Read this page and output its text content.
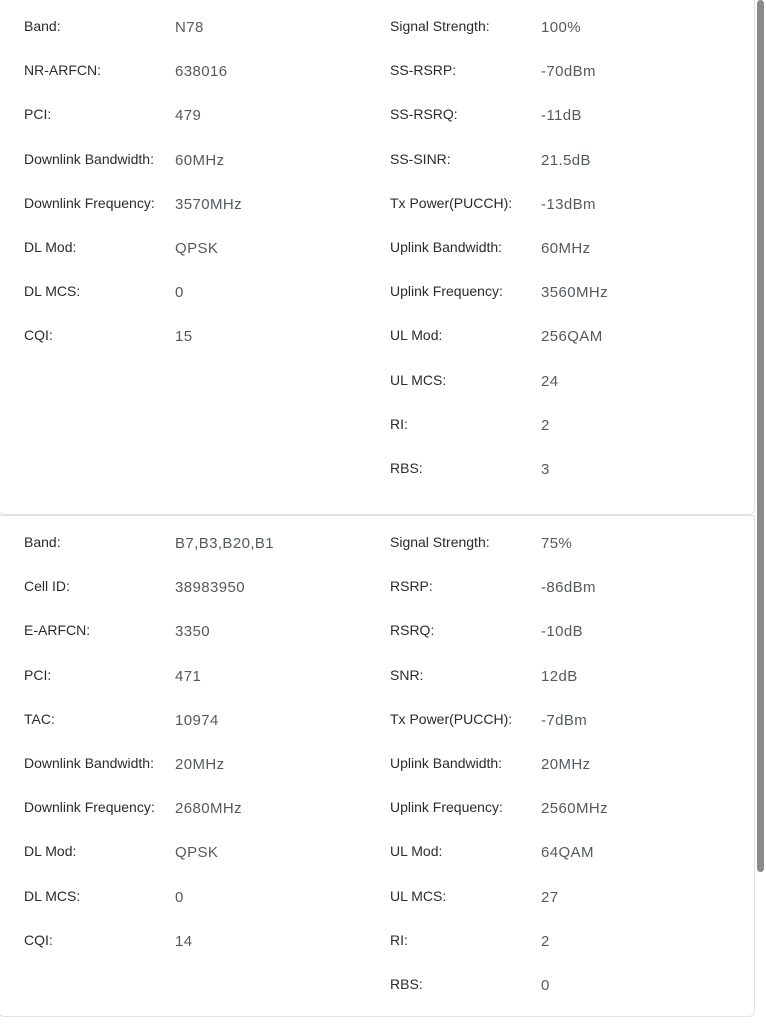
Band:	N78
NR-ARFCN:	638016
PCI:	479
Downlink Bandwidth: 60MHz
Downlink Frequency: 3570MHz
DL Mod:	QPSK
DL MCS:	0
CQI:	15
Signal Strength:	100%
SS-RSRP:	-70dBm
SS-RSRQ:	-11dB
SS-SINR:	21.5dB
Tx Power(PUCCH): -13dBm
Uplink Bandwidth:	60MHz
Uplink Frequency:	3560MHz
UL Mod:	256QAM
UL MCS:	24
RI:	2
RBS:	3
Band:	B7,B3,B20,B1
Cell ID:	38983950
E-ARFCN:	3350
PCI:	471
TAC:	10974
Downlink Bandwidth: 20MHz
Downlink Frequency: 2680MHz
DL Mod:	QPSK
DL MCS:	0
CQI:	14
Signal Strength:	75%
RSRP:	-86dBm
RSRQ:	-10dB
SNR:	12dB
Tx Power(PUCCH): -7dBm
Uplink Bandwidth:	20MHz
Uplink Frequency:	2560MHz
UL Mod:	64QAM
UL MCS:	27
RI:	2
RBS:	0
